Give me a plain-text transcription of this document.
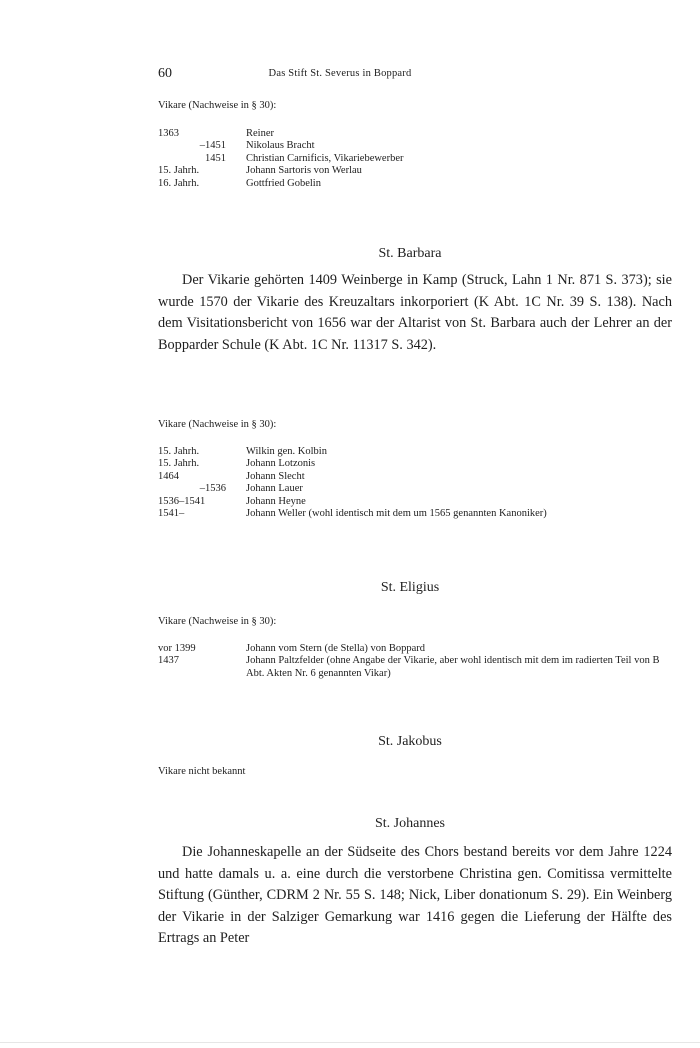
60	Das Stift St. Severus in Boppard
Vikare (Nachweise in § 30):
1363	Reiner
–1451 Nikolaus Bracht
1451 Christian Carnificis, Vikariebewerber
15. Jahrh.	Johann Sartoris von Werlau
16. Jahrh.	Gottfried Gobelin
St. Barbara
Der Vikarie gehörten 1409 Weinberge in Kamp (Struck, Lahn 1 Nr. 871 S. 373); sie wurde 1570 der Vikarie des Kreuzaltars inkorporiert (K Abt. 1C Nr. 39 S. 138). Nach dem Visitationsbericht von 1656 war der Altarist von St. Barbara auch der Lehrer an der Bopparder Schule (K Abt. 1C Nr. 11317 S. 342).
Vikare (Nachweise in § 30):
15. Jahrh.	Wilkin gen. Kolbin
15. Jahrh.	Johann Lotzonis
1464	Johann Slecht
–1536 Johann Lauer
1536–1541	Johann Heyne
1541–	Johann Weller (wohl identisch mit dem um 1565 genannten Kanoniker)
St. Eligius
Vikare (Nachweise in § 30):
vor 1399	Johann vom Stern (de Stella) von Boppard
1437	Johann Paltzfelder (ohne Angabe der Vikarie, aber wohl identisch mit dem im radierten Teil von B Abt. Akten Nr. 6 genannten Vikar)
St. Jakobus
Vikare nicht bekannt
St. Johannes
Die Johanneskapelle an der Südseite des Chors bestand bereits vor dem Jahre 1224 und hatte damals u. a. eine durch die verstorbene Christina gen. Comitissa vermittelte Stiftung (Günther, CDRM 2 Nr. 55 S. 148; Nick, Liber donationum S. 29). Ein Weinberg der Vikarie in der Salziger Gemarkung war 1416 gegen die Lieferung der Hälfte des Ertrags an Peter
